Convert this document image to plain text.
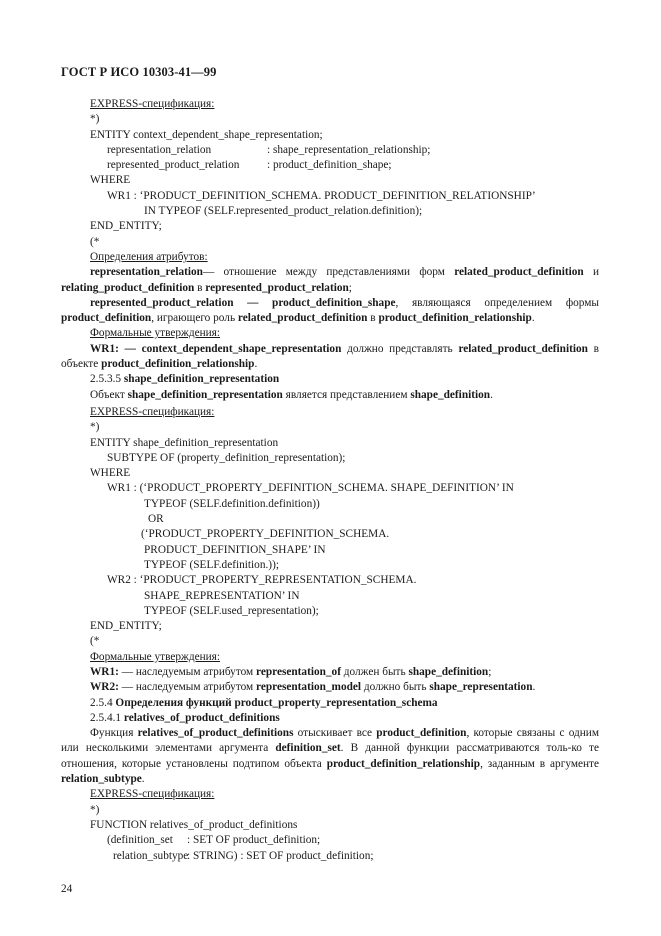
ГОСТ Р ИСО 10303-41—99
EXPRESS-спецификация:
*)
ENTITY context_dependent_shape_representation;
representation_relation	: shape_representation_relationship;
represented_product_relation : product_definition_shape;
WHERE
WR1 : ‘PRODUCT_DEFINITION_SCHEMA. PRODUCT_DEFINITION_RELATIONSHIP’
IN TYPEOF (SELF.represented_product_relation.definition);
END_ENTITY;
(*
Определения атрибутов:
representation_relation— отношение между представлениями форм related_product_definition и relating_product_definition в represented_product_relation;
represented_product_relation — product_definition_shape, являющаяся определением формы product_definition, играющего роль related_product_definition в product_definition_relationship.
Формальные утверждения:
WR1: — context_dependent_shape_representation должно представлять related_product_definition в объекте product_definition_relationship.
2.5.3.5 shape_definition_representation
Объект shape_definition_representation является представлением shape_definition.
EXPRESS-спецификация:
*)
ENTITY shape_definition_representation
SUBTYPE OF (property_definition_representation);
WHERE
WR1 : (‘PRODUCT_PROPERTY_DEFINITION_SCHEMA. SHAPE_DEFINITION’ IN
TYPEOF (SELF.definition.definition))
OR
(‘PRODUCT_PROPERTY_DEFINITION_SCHEMA.
PRODUCT_DEFINITION_SHAPE’ IN
TYPEOF (SELF.definition.));
WR2 : ‘PRODUCT_PROPERTY_REPRESENTATION_SCHEMA.
SHAPE_REPRESENTATION’ IN
TYPEOF (SELF.used_representation);
END_ENTITY;
(*
Формальные утверждения:
WR1: — наследуемым атрибутом representation_of должен быть shape_definition;
WR2: — наследуемым атрибутом representation_model должно быть shape_representation.
2.5.4 Определения функций product_property_representation_schema
2.5.4.1 relatives_of_product_definitions
Функция relatives_of_product_definitions отыскивает все product_definition, которые связаны с одним или несколькими элементами аргумента definition_set. В данной функции рассматриваются толь-ко те отношения, которые установлены подтипом объекта product_definition_relationship, заданным в аргументе relation_subtype.
EXPRESS-спецификация:
*)
FUNCTION relatives_of_product_definitions
(definition_set : SET OF product_definition;
relation_subtype: STRING) : SET OF product_definition;
24
